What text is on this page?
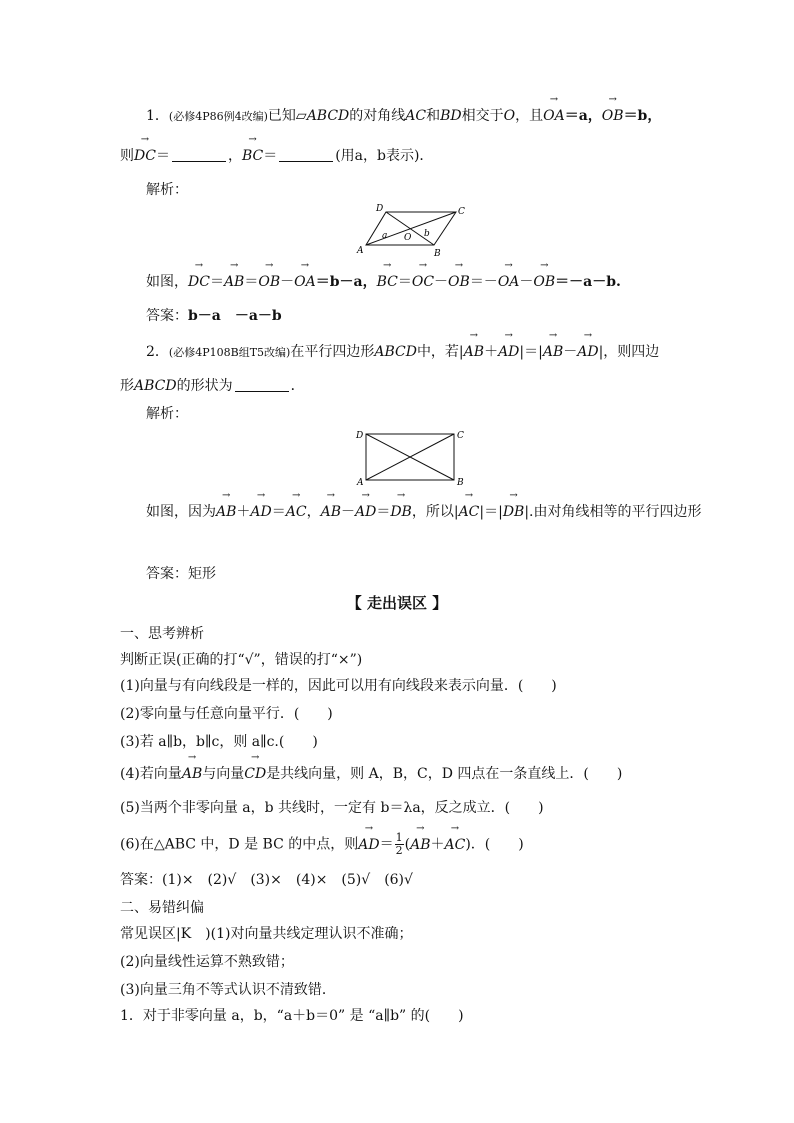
1．(必修4P86例4改编)已知▱ABCD的对角线AC和BD相交于O，且→ OA＝a，→ OB＝b，
则→ DC＝	，→ BC＝	(用a，b表示)．
解析：
A	B
C
D
O
a	b
如图，→ DC＝→ AB＝→ OB－→ OA＝b－a，→ BC＝→ OC－→ OB＝－→ OA－→ OB＝－a－b.
答案：b－a　－a－b
2．(必修4P108B组T5改编)在平行四边形ABCD中，若|→ AB＋→ AD|＝|→ AB－→ AD|，则四边
形ABCD的形状为	．
解析：
A	B
C
D
如图，因为→ AB＋→ AD＝→ AC，→ AB－→ AD＝→ DB，所以|→ AC|＝|→ DB|.由对角线相等的平行四边形
答案：矩形
【 走出误区 】
一、思考辨析
判断正误(正确的打“√”，错误的打“×”)
(1)向量与有向线段是一样的，因此可以用有向线段来表示向量．(　　)
(2)零向量与任意向量平行．(　　)
(3)若 a∥b，b∥c，则 a∥c.(　　)
(4)若向量→ AB与向量→ CD是共线向量，则 A，B，C，D 四点在一条直线上．(　　)
(5)当两个非零向量 a，b 共线时，一定有 b＝λa，反之成立．(　　)
(6)在△ABC 中，D 是 BC 的中点，则→ $AD= \frac{1}{2}$ (→ AB＋→ AC)．(　　)
答案：(1)×　(2)√　(3)×　(4)×　(5)√　(6)√
二、易错纠偏
常见误区|K　)(1)对向量共线定理认识不准确；
(2)向量线性运算不熟致错；
(3)向量三角不等式认识不清致错．
1．对于非零向量 a，b，“a＋b＝0” 是 “a∥b” 的(　　)
